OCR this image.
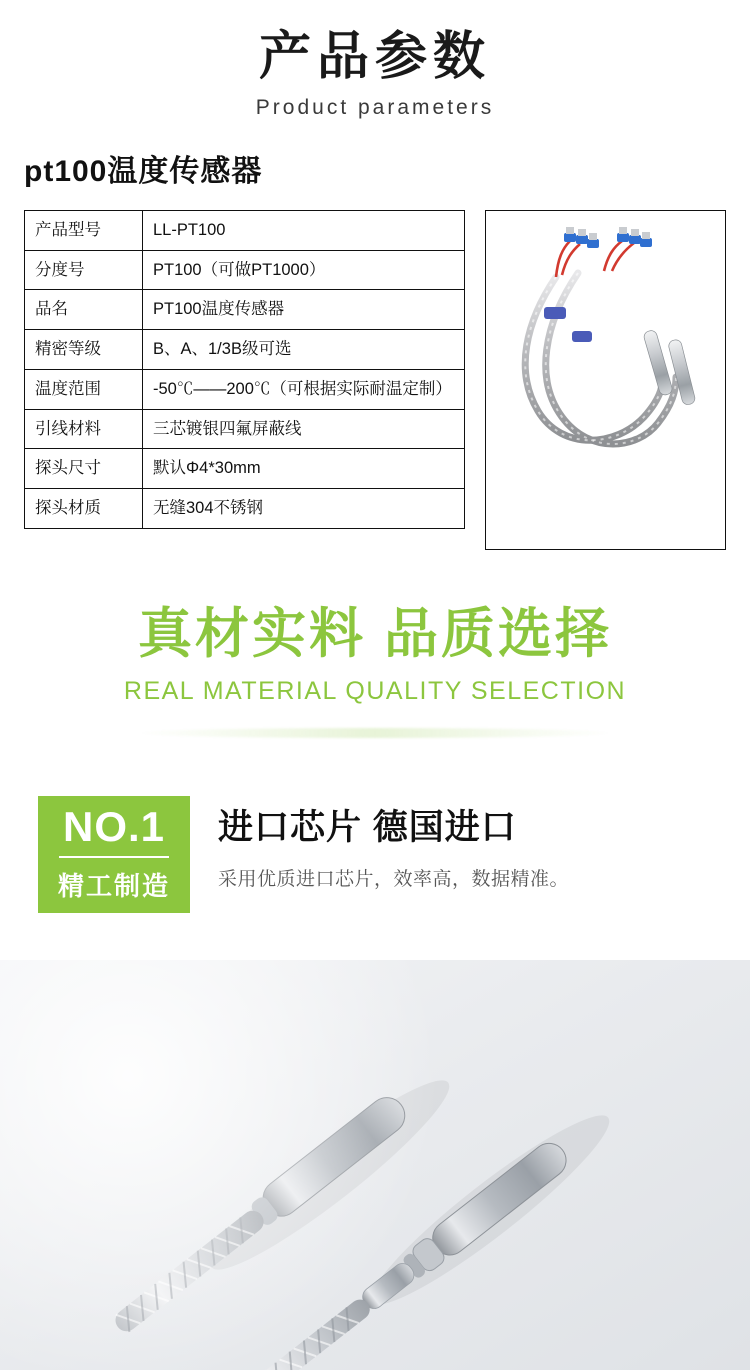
产品参数
Product parameters
pt100温度传感器
产品型号	LL-PT100
分度号	PT100（可做PT1000）
品名	PT100温度传感器
精密等级	B、A、1/3B级可选
温度范围	-50℃——200℃（可根据实际耐温定制）
引线材料	三芯镀银四氟屏蔽线
探头尺寸	默认Φ4*30mm
探头材质	无缝304不锈钢
真材实料 品质选择
REAL MATERIAL QUALITY SELECTION
NO.1
精工制造
进口芯片 德国进口
采用优质进口芯片，效率高，数据精准。
